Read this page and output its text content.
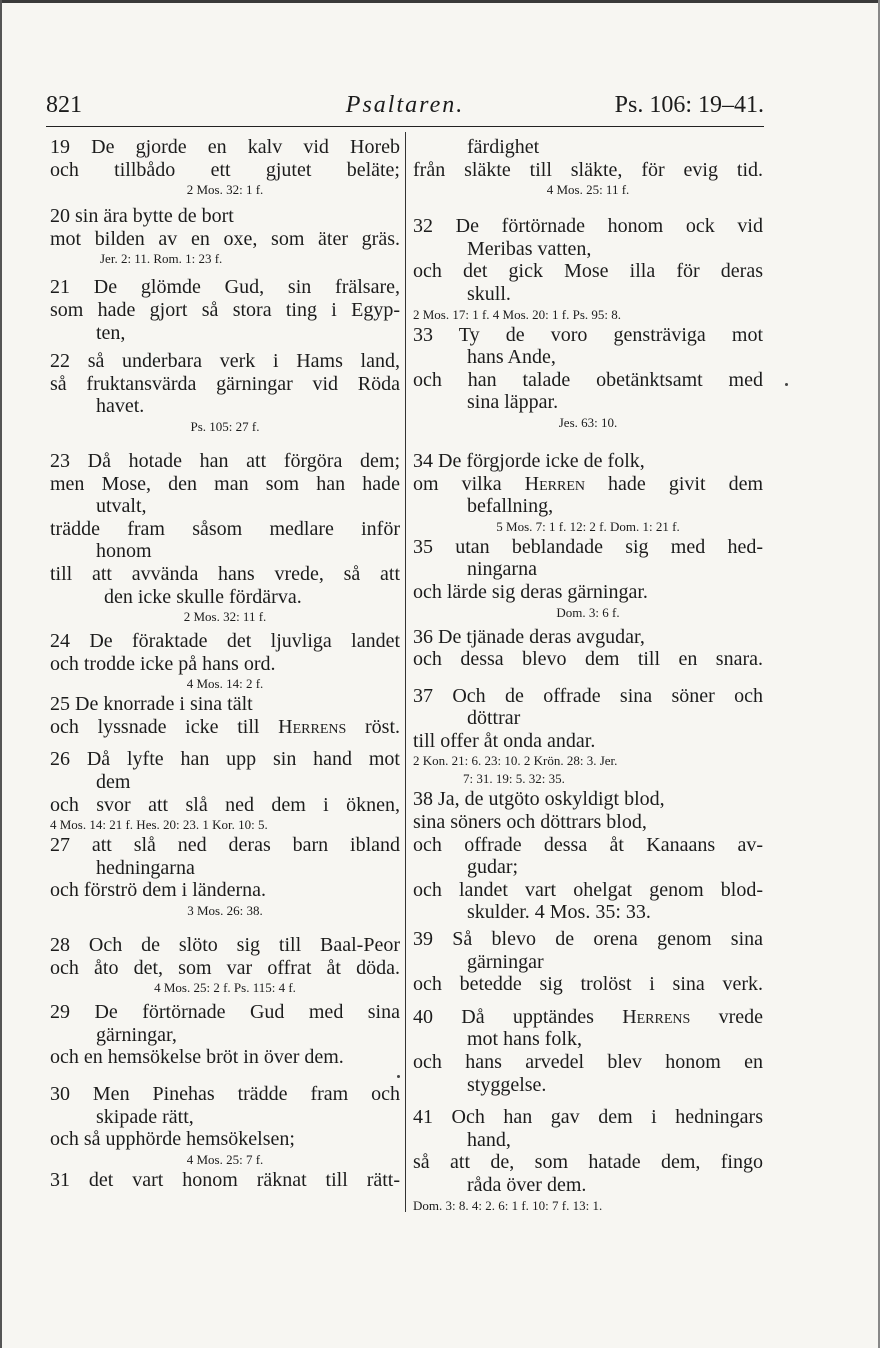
Psaltaren.
821	Ps. 106: 19–41.
19 De gjorde en kalv vid Horeb
och tillbådo ett gjutet beläte;
2 Mos. 32: 1 f.
20 sin ära bytte de bort
mot bilden av en oxe, som äter gräs.
Jer. 2: 11. Rom. 1: 23 f.
21 De glömde Gud, sin frälsare,
som hade gjort så stora ting i Egyp-
ten,
22 så underbara verk i Hams land,
så fruktansvärda gärningar vid Röda
havet.
Ps. 105: 27 f.
23 Då hotade han att förgöra dem;
men Mose, den man som han hade
utvalt,
trädde fram såsom medlare inför
honom
till att avvända hans vrede, så att
den icke skulle fördärva.
2 Mos. 32: 11 f.
24 De föraktade det ljuvliga landet
och trodde icke på hans ord.
4 Mos. 14: 2 f.
25 De knorrade i sina tält
och lyssnade icke till Herrens röst.
26 Då lyfte han upp sin hand mot
dem
och svor att slå ned dem i öknen,
4 Mos. 14: 21 f. Hes. 20: 23. 1 Kor. 10: 5.
27 att slå ned deras barn ibland
hedningarna
och förströ dem i länderna.
3 Mos. 26: 38.
28 Och de slöto sig till Baal-Peor
och åto det, som var offrat åt döda.
4 Mos. 25: 2 f. Ps. 115: 4 f.
29 De förtörnade Gud med sina
gärningar,
och en hemsökelse bröt in över dem.
30 Men Pinehas trädde fram och
skipade rätt,
och så upphörde hemsökelsen;
4 Mos. 25: 7 f.
31 det vart honom räknat till rätt-
färdighet
från släkte till släkte, för evig tid.
4 Mos. 25: 11 f.
32 De förtörnade honom ock vid
Meribas vatten,
och det gick Mose illa för deras
skull.
2 Mos. 17: 1 f. 4 Mos. 20: 1 f. Ps. 95: 8.
33 Ty de voro gensträviga mot
hans Ande,
och han talade obetänktsamt med
sina läppar.
Jes. 63: 10.
34 De förgjorde icke de folk,
om vilka Herren hade givit dem
befallning,
5 Mos. 7: 1 f. 12: 2 f. Dom. 1: 21 f.
35 utan beblandade sig med hed-
ningarna
och lärde sig deras gärningar.
Dom. 3: 6 f.
36 De tjänade deras avgudar,
och dessa blevo dem till en snara.
37 Och de offrade sina söner och
döttrar
till offer åt onda andar.
2 Kon. 21: 6. 23: 10. 2 Krön. 28: 3. Jer.
7: 31. 19: 5. 32: 35.
38 Ja, de utgöto oskyldigt blod,
sina söners och döttrars blod,
och offrade dessa åt Kanaans av-
gudar;
och landet vart ohelgat genom blod-
skulder. 4 Mos. 35: 33.
39 Så blevo de orena genom sina
gärningar
och betedde sig trolöst i sina verk.
40 Då upptändes Herrens vrede
mot hans folk,
och hans arvedel blev honom en
styggelse.
41 Och han gav dem i hedningars
hand,
så att de, som hatade dem, fingo
råda över dem.
Dom. 3: 8. 4: 2. 6: 1 f. 10: 7 f. 13: 1.
